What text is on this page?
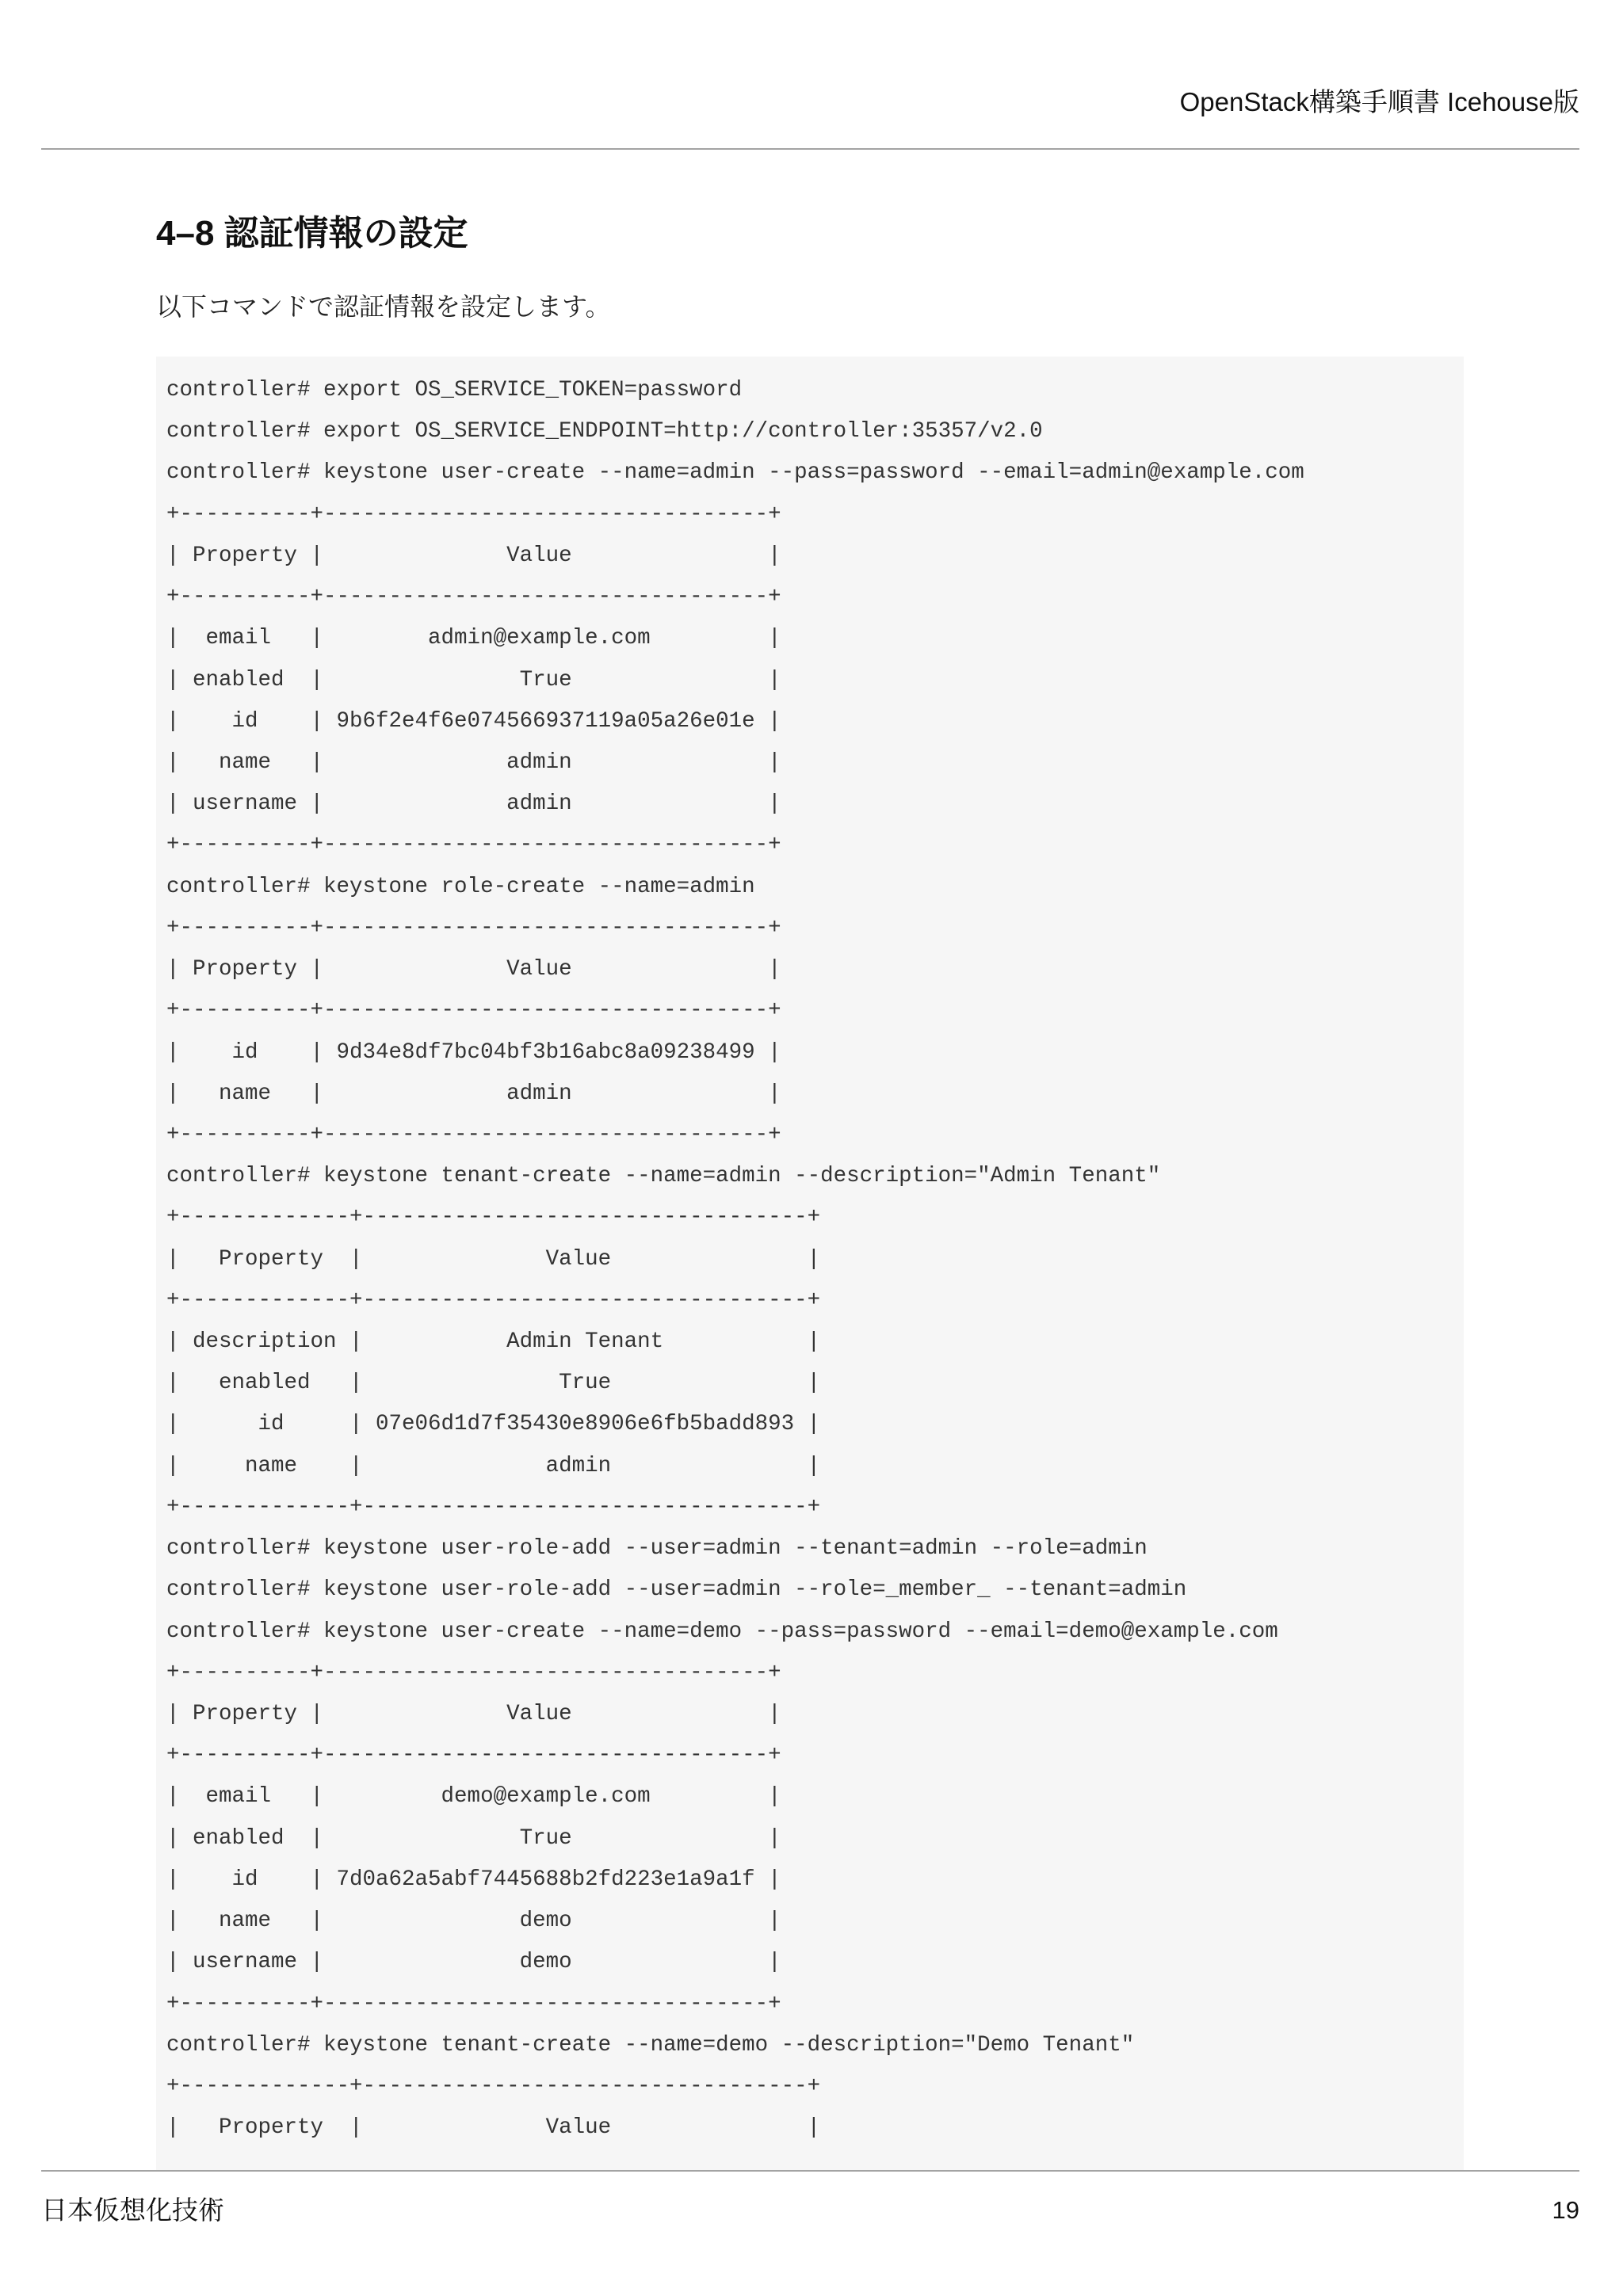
OpenStack構築手順書 Icehouse版
4–8 認証情報の設定
以下コマンドで認証情報を設定します。
controller# export OS_SERVICE_TOKEN=password
controller# export OS_SERVICE_ENDPOINT=http://controller:35357/v2.0
controller# keystone user-create --name=admin --pass=password --email=admin@example.com
+----------+----------------------------------+
| Property |              Value               |
+----------+----------------------------------+
|  email   |        admin@example.com         |
| enabled  |               True               |
|    id    | 9b6f2e4f6e074566937119a05a26e01e |
|   name   |              admin               |
| username |              admin               |
+----------+----------------------------------+
controller# keystone role-create --name=admin
+----------+----------------------------------+
| Property |              Value               |
+----------+----------------------------------+
|    id    | 9d34e8df7bc04bf3b16abc8a09238499 |
|   name   |              admin               |
+----------+----------------------------------+
controller# keystone tenant-create --name=admin --description="Admin Tenant"
+-------------+----------------------------------+
|   Property  |              Value               |
+-------------+----------------------------------+
| description |           Admin Tenant           |
|   enabled   |               True               |
|      id     | 07e06d1d7f35430e8906e6fb5badd893 |
|     name    |              admin               |
+-------------+----------------------------------+
controller# keystone user-role-add --user=admin --tenant=admin --role=admin
controller# keystone user-role-add --user=admin --role=_member_ --tenant=admin
controller# keystone user-create --name=demo --pass=password --email=demo@example.com
+----------+----------------------------------+
| Property |              Value               |
+----------+----------------------------------+
|  email   |         demo@example.com         |
| enabled  |               True               |
|    id    | 7d0a62a5abf7445688b2fd223e1a9a1f |
|   name   |               demo               |
| username |               demo               |
+----------+----------------------------------+
controller# keystone tenant-create --name=demo --description="Demo Tenant"
+-------------+----------------------------------+
|   Property  |              Value               |
日本仮想化技術	19
